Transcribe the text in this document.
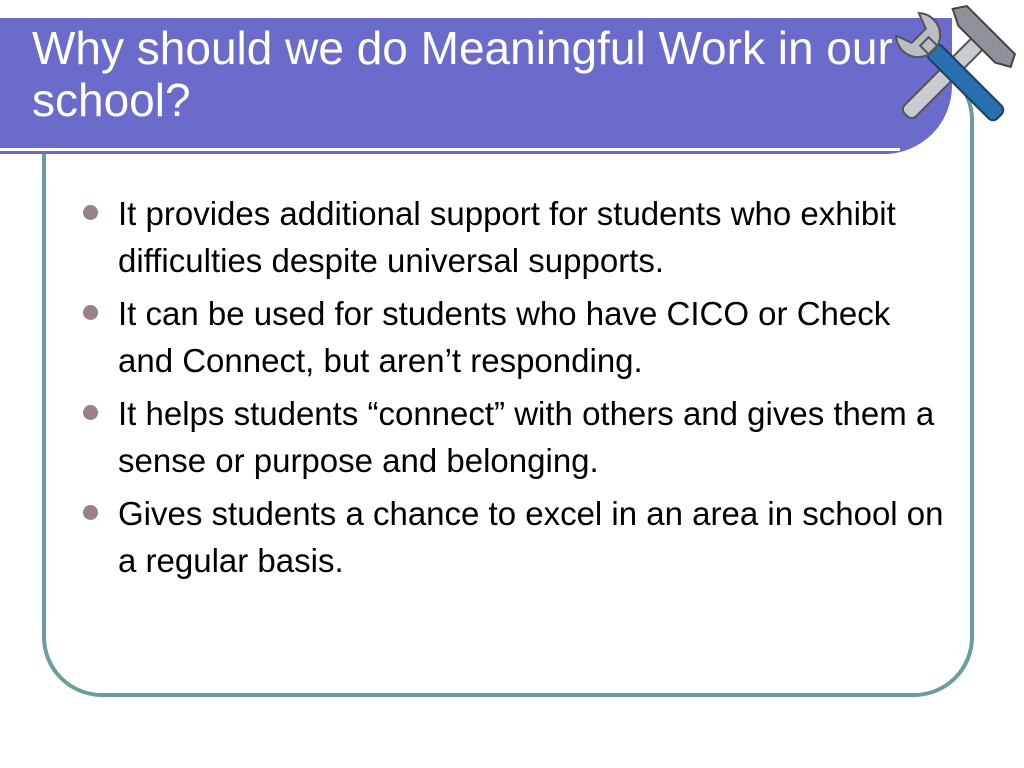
Why should we do Meaningful Work in our school?
It provides additional support for students who exhibit difficulties despite universal supports.
It can be used for students who have CICO or Check and Connect, but aren’t responding.
It helps students “connect” with others and gives them a sense or purpose and belonging.
Gives students a chance to excel in an area in school on a regular basis.
